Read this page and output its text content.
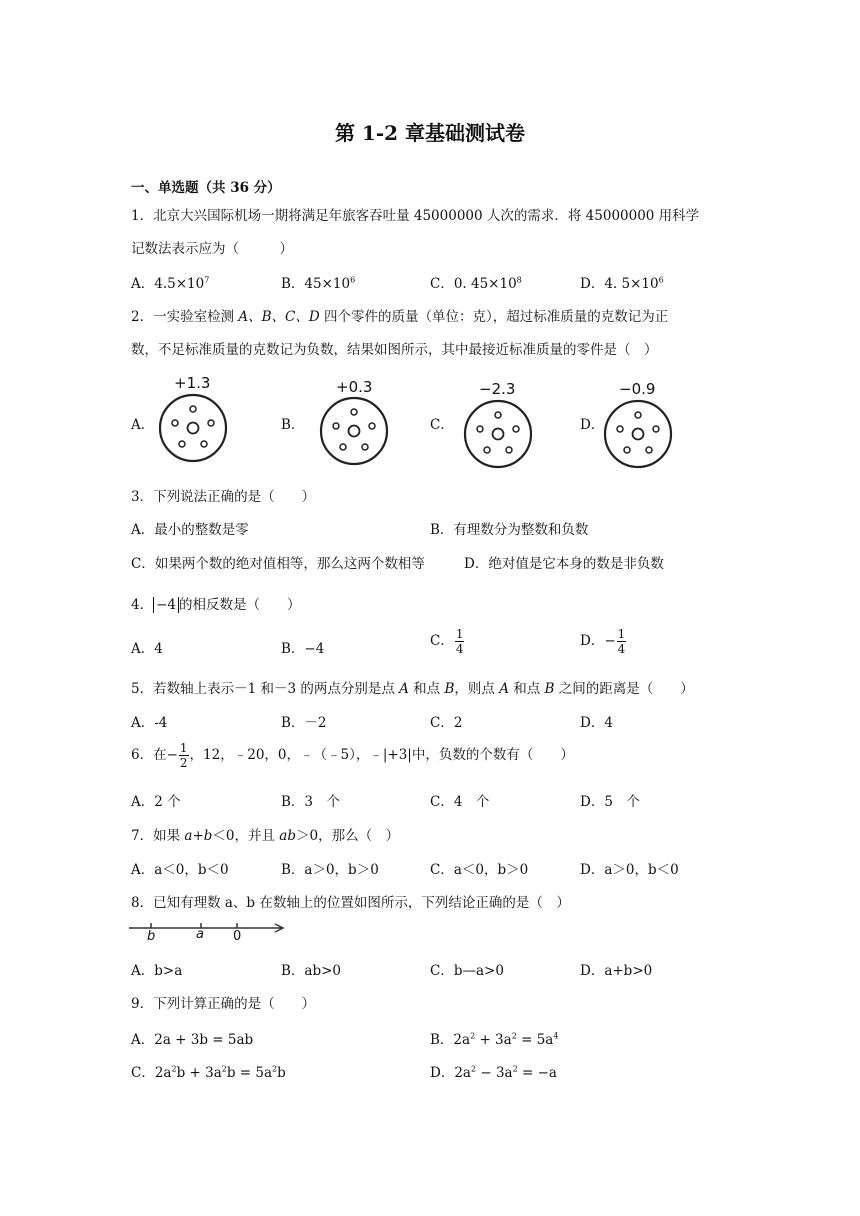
第 1-2 章基础测试卷
一、单选题（共 36 分）
1．北京大兴国际机场一期将满足年旅客吞吐量 45000000 人次的需求．将 45000000 用科学
记数法表示应为（　　　）
A．$4.5\times 10^7$	B．$45\times 10^6$	C．0. $45\times 10^8$	D．4. $5\times 10^6$
2．一实验室检测 A、B、C、D 四个零件的质量（单位：克），超过标准质量的克数记为正
数，不足标准质量的克数记为负数，结果如图所示，其中最接近标准质量的零件是（　）
A．	B．	C．	D．
+1.3	+0.3	−2.3	−0.9
3．下列说法正确的是（　　）
A．最小的整数是零	B．有理数分为整数和负数
C．如果两个数的绝对值相等，那么这两个数相等	D．绝对值是它本身的数是非负数
4． −4 的相反数是（　　）
A．4	B．−4	C． $\frac{1}{4}$	D．− $\frac{1}{4}$
5．若数轴上表示－1 和－3 的两点分别是点 A 和点 B，则点 A 和点 B 之间的距离是（　　）
A．-4	B．－2	C．2	D．4
6．在− $\frac{1}{2}$ ，12，﹣20，0，﹣（﹣5），﹣|+3|中，负数的个数有（　　）
A．2 个	B．3　个	C．4　个	D．5　个
7．如果 a+b＜0，并且 ab＞0，那么（　）
A．a＜0，b＜0	B．a＞0，b＞0	C．a＜0，b＞0	D．a＞0，b＜0
8．已知有理数 a、b 在数轴上的位置如图所示，下列结论正确的是（　）
b	a 0
A．b>a	B．ab>0	C．b—a>0	D．a+b>0
9．下列计算正确的是（　　）
A．2a + 3b = 5ab	B．$2a^2 + 3a^2 = 5a^4$
C．$2a^2b + 3a^2b = 5a^2b$	D．$2a^2 - 3a^2 = -a$
